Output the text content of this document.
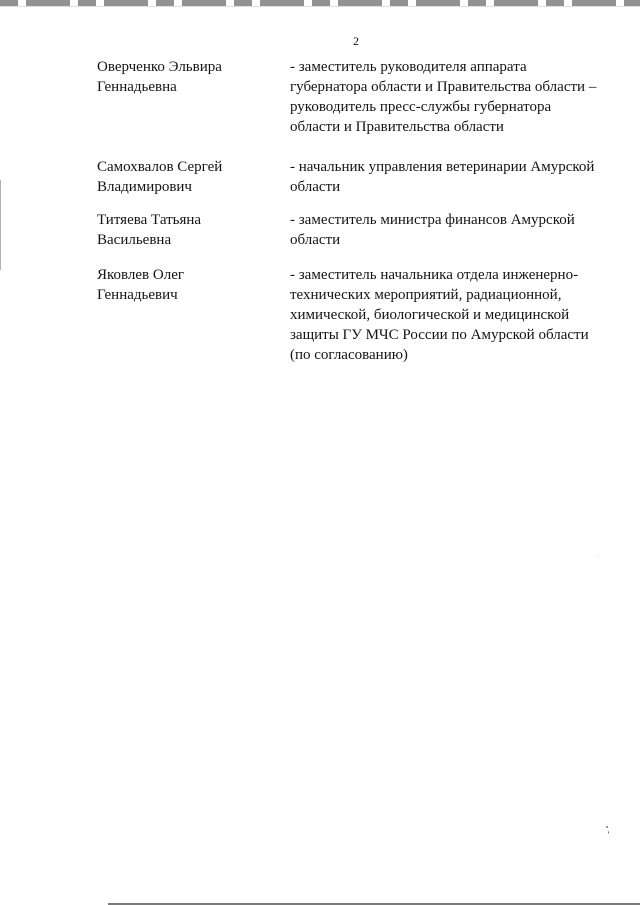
2
Оверченко Эльвира
Геннадьевна
- заместитель руководителя аппарата
губернатора области и Правительства области –
руководитель пресс-службы губернатора
области и Правительства области
Самохвалов Сергей
Владимирович
- начальник управления ветеринарии Амурской
области
Титяева Татьяна
Васильевна
- заместитель министра финансов Амурской
области
Яковлев Олег
Геннадьевич
- заместитель начальника отдела инженерно-
технических мероприятий, радиационной,
химической, биологической и медицинской
защиты ГУ МЧС России по Амурской области
(по согласованию)
